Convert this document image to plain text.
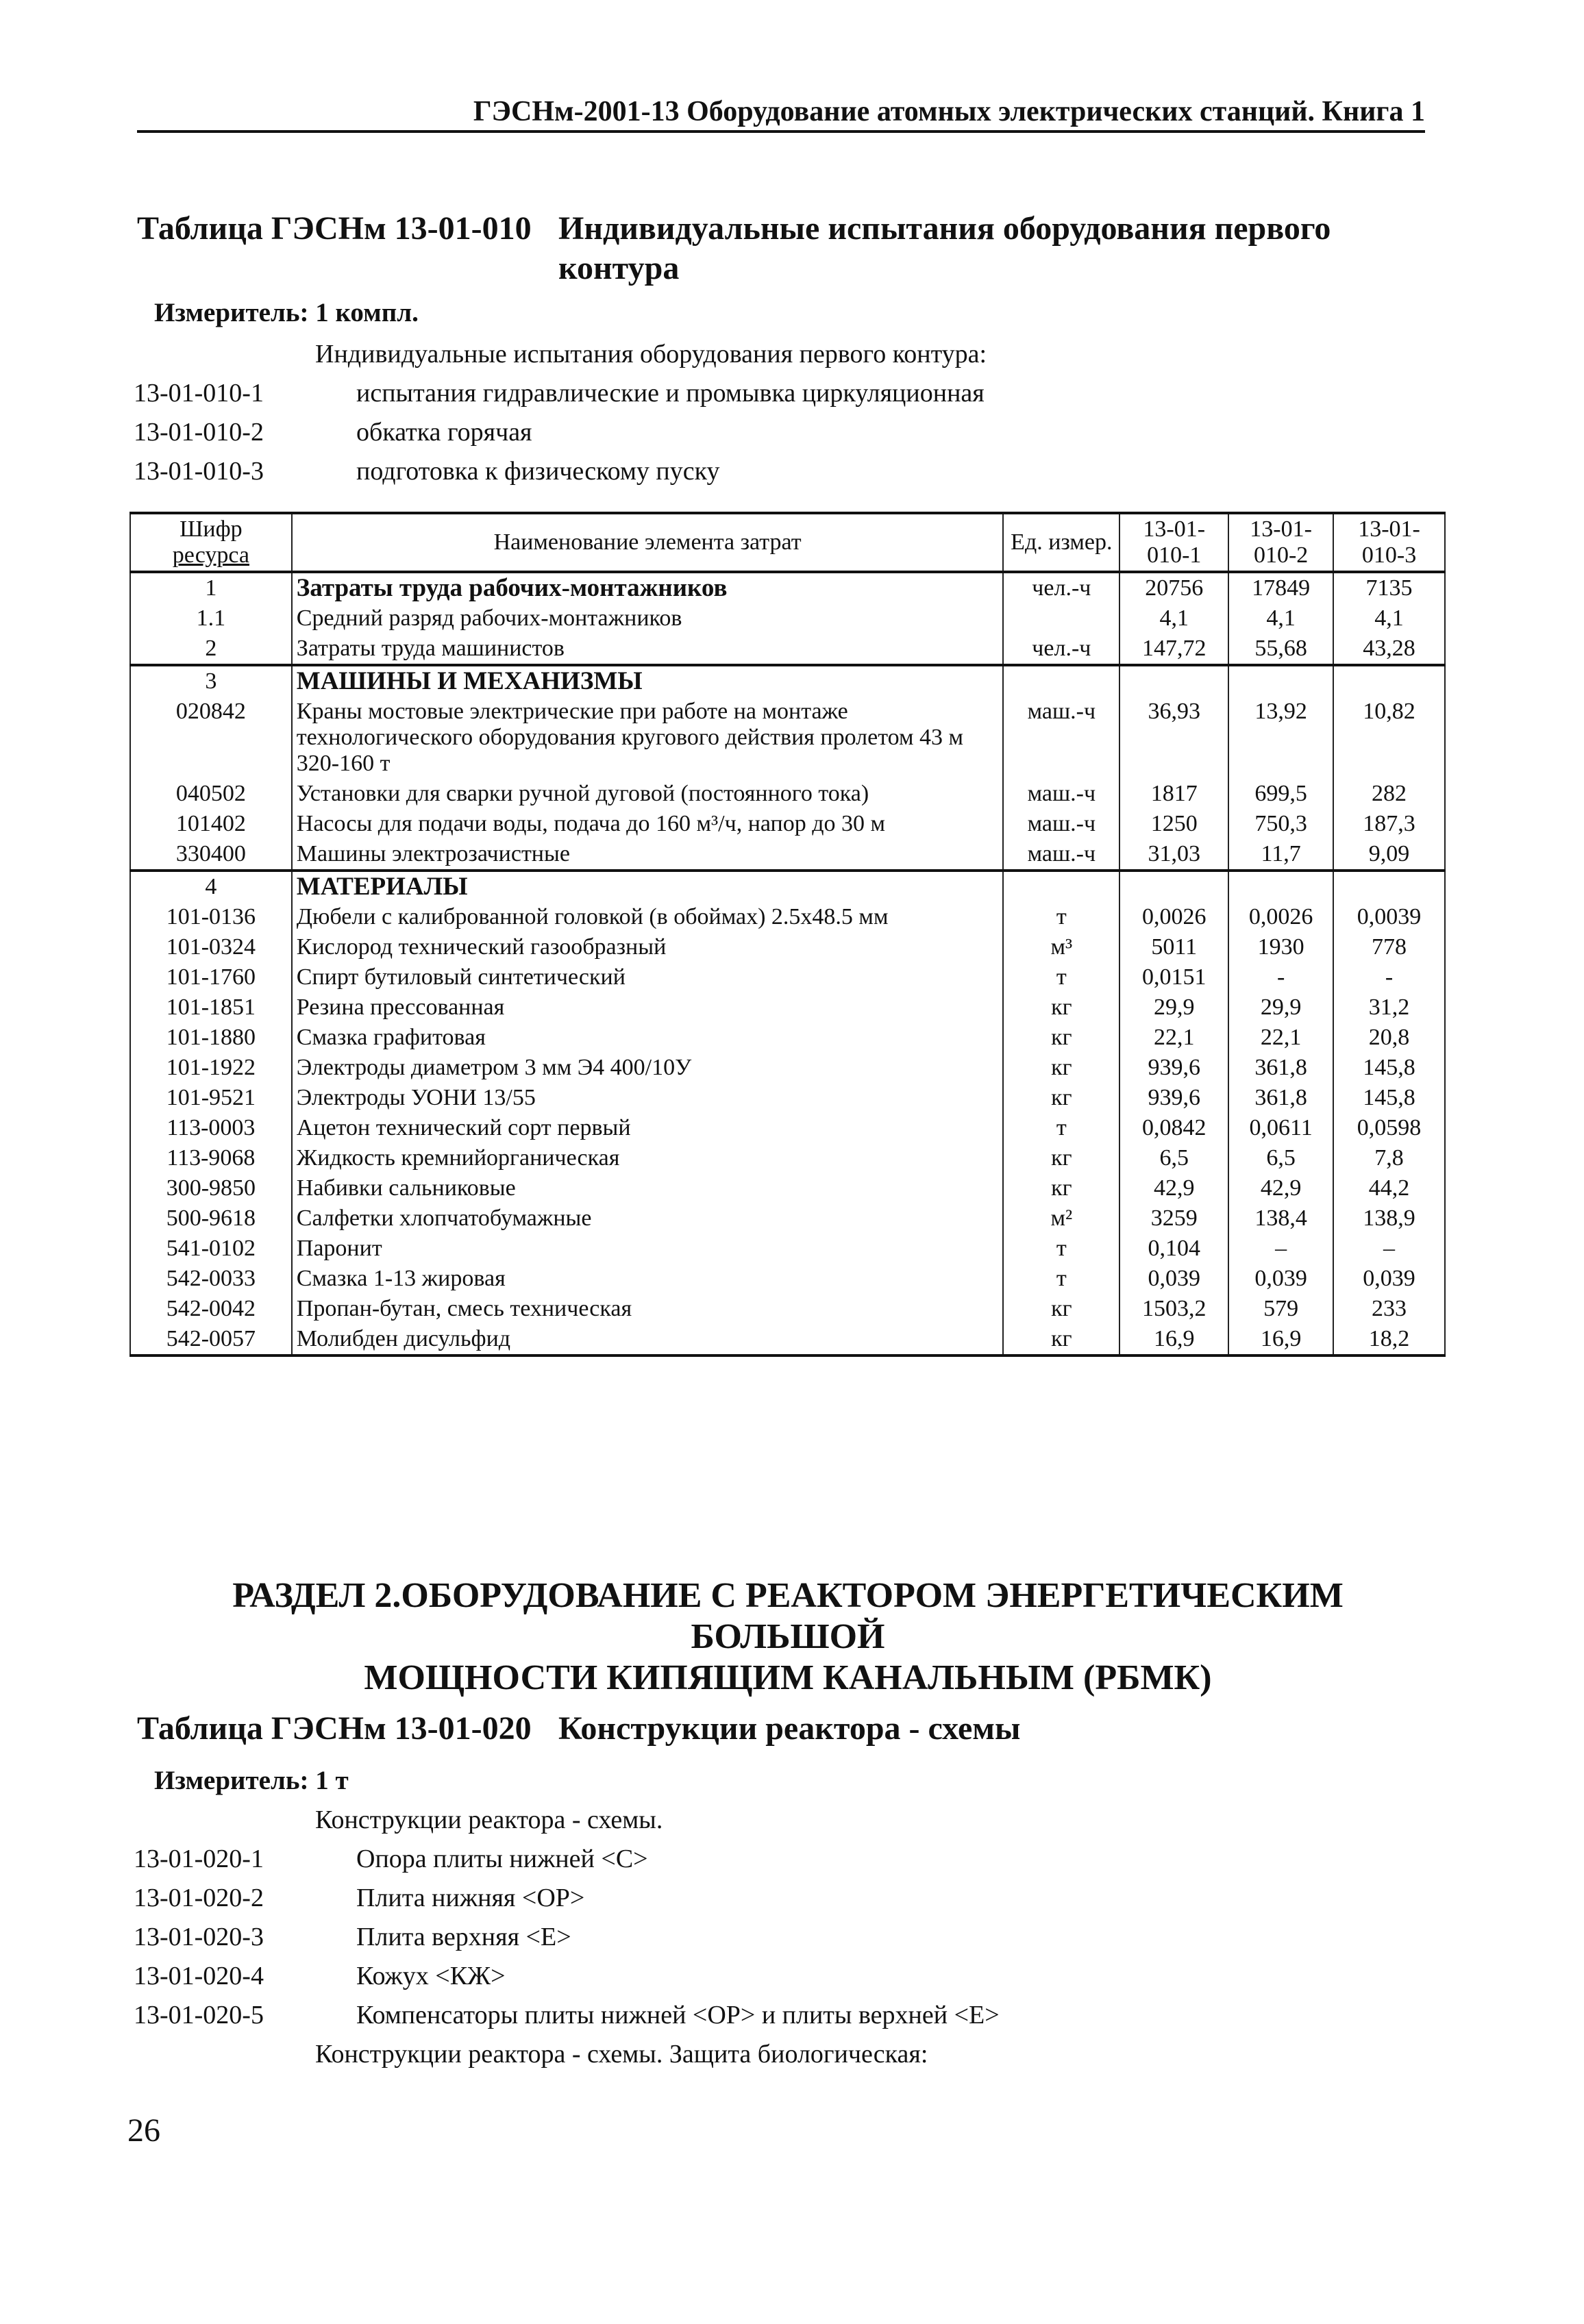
ГЭСНм-2001-13 Оборудование атомных электрических станций. Книга 1
Таблица ГЭСНм 13-01-010 Индивидуальные испытания оборудования первого контура
Измеритель: 1 компл.
Индивидуальные испытания оборудования первого контура:
13-01-010-1	испытания гидравлические и промывка циркуляционная
13-01-010-2	обкатка горячая
13-01-010-3	подготовка к физическому пуску
Шифр
ресурса	Наименование элемента затрат	Ед. измер.	13-01-010-1	13-01-010-2	13-01-010-3
1	Затраты труда рабочих-монтажников	чел.-ч	20756	17849	7135
1.1	Средний разряд рабочих-монтажников		4,1	4,1	4,1
2	Затраты труда машинистов	чел.-ч	147,72	55,68	43,28
3	МАШИНЫ И МЕХАНИЗМЫ				
020842	Краны мостовые электрические при работе на монтаже технологического оборудования кругового действия пролетом 43 м 320-160 т	маш.-ч	36,93	13,92	10,82
040502	Установки для сварки ручной дуговой (постоянного тока)	маш.-ч	1817	699,5	282
101402	Насосы для подачи воды, подача до 160 м³/ч, напор до 30 м	маш.-ч	1250	750,3	187,3
330400	Машины электрозачистные	маш.-ч	31,03	11,7	9,09
4	МАТЕРИАЛЫ				
101-0136	Дюбели с калиброванной головкой (в обоймах) 2.5х48.5 мм	т	0,0026	0,0026	0,0039
101-0324	Кислород технический газообразный	м³	5011	1930	778
101-1760	Спирт бутиловый синтетический	т	0,0151	-	-
101-1851	Резина прессованная	кг	29,9	29,9	31,2
101-1880	Смазка графитовая	кг	22,1	22,1	20,8
101-1922	Электроды диаметром 3 мм Э4 400/10У	кг	939,6	361,8	145,8
101-9521	Электроды УОНИ 13/55	кг	939,6	361,8	145,8
113-0003	Ацетон технический сорт первый	т	0,0842	0,0611	0,0598
113-9068	Жидкость кремнийорганическая	кг	6,5	6,5	7,8
300-9850	Набивки сальниковые	кг	42,9	42,9	44,2
500-9618	Салфетки хлопчатобумажные	м²	3259	138,4	138,9
541-0102	Паронит	т	0,104	–	–
542-0033	Смазка 1-13 жировая	т	0,039	0,039	0,039
542-0042	Пропан-бутан, смесь техническая	кг	1503,2	579	233
542-0057	Молибден дисульфид	кг	16,9	16,9	18,2
РАЗДЕЛ 2.ОБОРУДОВАНИЕ С РЕАКТОРОМ ЭНЕРГЕТИЧЕСКИМ БОЛЬШОЙ
МОЩНОСТИ КИПЯЩИМ КАНАЛЬНЫМ (РБМК)
Таблица ГЭСНм 13-01-020 Конструкции реактора - схемы
Измеритель: 1 т
Конструкции реактора - схемы.
13-01-020-1	Опора плиты нижней <С>
13-01-020-2	Плита нижняя <ОР>
13-01-020-3	Плита верхняя <Е>
13-01-020-4	Кожух <КЖ>
13-01-020-5	Компенсаторы плиты нижней <ОР> и плиты верхней <Е>
Конструкции реактора - схемы. Защита биологическая:
26
